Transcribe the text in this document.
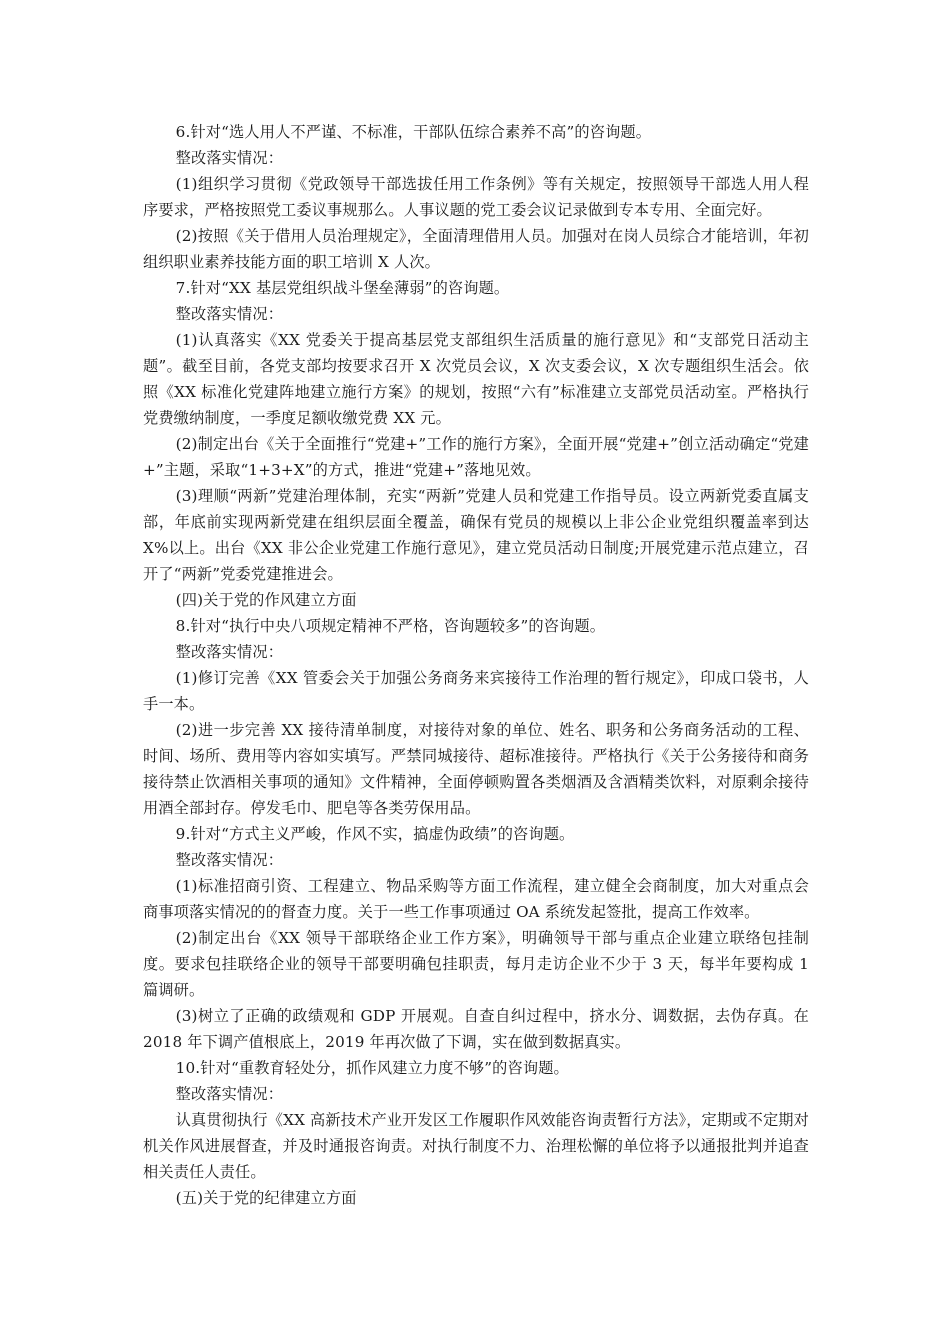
6.针对“选人用人不严谨、不标准，干部队伍综合素养不高”的咨询题。

整改落实情况：

(1)组织学习贯彻《党政领导干部选拔任用工作条例》等有关规定，按照领导干部选人用人程序要求，严格按照党工委议事规那么。人事议题的党工委会议记录做到专本专用、全面完好。

(2)按照《关于借用人员治理规定》，全面清理借用人员。加强对在岗人员综合才能培训，年初组织职业素养技能方面的职工培训 X 人次。

7.针对“XX 基层党组织战斗堡垒薄弱”的咨询题。

整改落实情况：

(1)认真落实《XX 党委关于提高基层党支部组织生活质量的施行意见》和“支部党日活动主题”。截至目前，各党支部均按要求召开 X 次党员会议，X 次支委会议，X 次专题组织生活会。依照《XX 标准化党建阵地建立施行方案》的规划，按照“六有”标准建立支部党员活动室。严格执行党费缴纳制度，一季度足额收缴党费 XX 元。

(2)制定出台《关于全面推行“党建+”工作的施行方案》，全面开展“党建+”创立活动确定“党建+”主题，采取“1+3+X”的方式，推进“党建+”落地见效。

(3)理顺“两新”党建治理体制，充实“两新”党建人员和党建工作指导员。设立两新党委直属支部，年底前实现两新党建在组织层面全覆盖，确保有党员的规模以上非公企业党组织覆盖率到达 X%以上。出台《XX 非公企业党建工作施行意见》，建立党员活动日制度;开展党建示范点建立，召开了“两新”党委党建推进会。

(四)关于党的作风建立方面

8.针对“执行中央八项规定精神不严格，咨询题较多”的咨询题。

整改落实情况：

(1)修订完善《XX 管委会关于加强公务商务来宾接待工作治理的暂行规定》，印成口袋书，人手一本。

(2)进一步完善 XX 接待清单制度，对接待对象的单位、姓名、职务和公务商务活动的工程、时间、场所、费用等内容如实填写。严禁同城接待、超标准接待。严格执行《关于公务接待和商务接待禁止饮酒相关事项的通知》文件精神，全面停顿购置各类烟酒及含酒精类饮料，对原剩余接待用酒全部封存。停发毛巾、肥皂等各类劳保用品。

9.针对“方式主义严峻，作风不实，搞虚伪政绩”的咨询题。

整改落实情况：

(1)标准招商引资、工程建立、物品采购等方面工作流程，建立健全会商制度，加大对重点会商事项落实情况的的督查力度。关于一些工作事项通过 OA 系统发起签批，提高工作效率。

(2)制定出台《XX 领导干部联络企业工作方案》，明确领导干部与重点企业建立联络包挂制度。要求包挂联络企业的领导干部要明确包挂职责，每月走访企业不少于 3 天，每半年要构成 1 篇调研。

(3)树立了正确的政绩观和 GDP 开展观。自查自纠过程中，挤水分、调数据，去伪存真。在 2018 年下调产值根底上，2019 年再次做了下调，实在做到数据真实。

10.针对“重教育轻处分，抓作风建立力度不够”的咨询题。

整改落实情况：

认真贯彻执行《XX 高新技术产业开发区工作履职作风效能咨询责暂行方法》，定期或不定期对机关作风进展督查，并及时通报咨询责。对执行制度不力、治理松懈的单位将予以通报批判并追查相关责任人责任。

(五)关于党的纪律建立方面
